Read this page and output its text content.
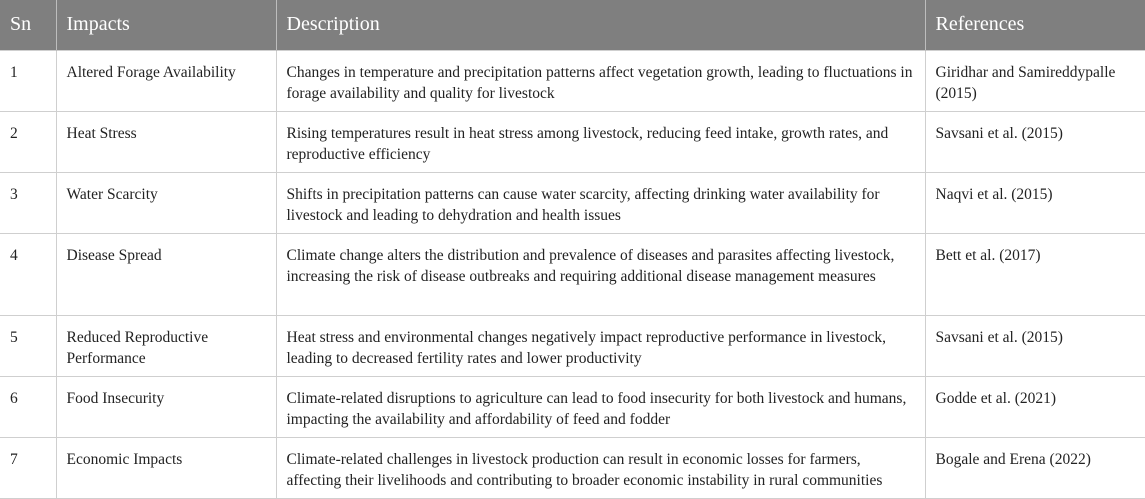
Sn	Impacts	Description	References
1	Altered Forage Availability	Changes in temperature and precipitation patterns affect vegetation growth, leading to fluctuations in forage availability and quality for livestock	Giridhar and Samireddypalle (2015)
2	Heat Stress	Rising temperatures result in heat stress among livestock, reducing feed intake, growth rates, and reproductive efficiency	Savsani et al. (2015)
3	Water Scarcity	Shifts in precipitation patterns can cause water scarcity, affecting drinking water availability for livestock and leading to dehydration and health issues	Naqvi et al. (2015)
4	Disease Spread	Climate change alters the distribution and prevalence of diseases and parasites affecting livestock, increasing the risk of disease outbreaks and requiring additional disease management measures	Bett et al. (2017)
5	Reduced Reproductive Performance	Heat stress and environmental changes negatively impact reproductive performance in livestock, leading to decreased fertility rates and lower productivity	Savsani et al. (2015)
6	Food Insecurity	Climate-related disruptions to agriculture can lead to food insecurity for both livestock and humans, impacting the availability and affordability of feed and fodder	Godde et al. (2021)
7	Economic Impacts	Climate-related challenges in livestock production can result in economic losses for farmers, affecting their livelihoods and contributing to broader economic instability in rural communities	Bogale and Erena (2022)
